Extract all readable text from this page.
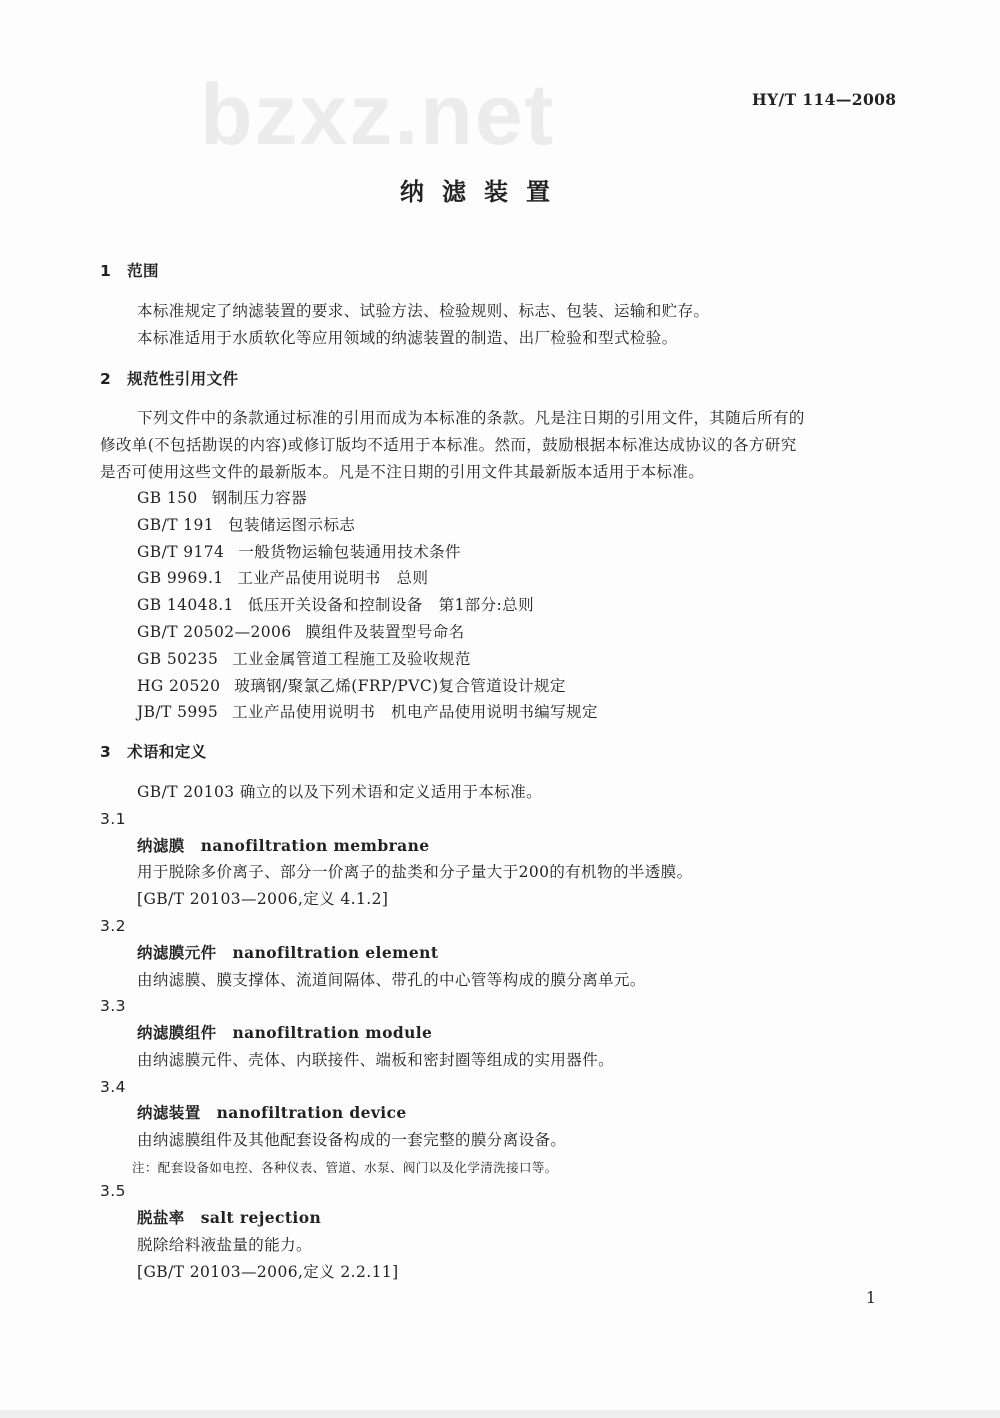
bzxz.net	HY/T 114—2008
纳滤装置
1　范围
本标准规定了纳滤装置的要求、试验方法、检验规则、标志、包装、运输和贮存。
本标准适用于水质软化等应用领域的纳滤装置的制造、出厂检验和型式检验。
2　规范性引用文件
下列文件中的条款通过标准的引用而成为本标准的条款。凡是注日期的引用文件，其随后所有的
修改单(不包括勘误的内容)或修订版均不适用于本标准。然而，鼓励根据本标准达成协议的各方研究
是否可使用这些文件的最新版本。凡是不注日期的引用文件其最新版本适用于本标准。
GB 150 钢制压力容器
GB/T 191 包装储运图示标志
GB/T 9174 一般货物运输包装通用技术条件
GB 9969.1 工业产品使用说明书　总则
GB 14048.1 低压开关设备和控制设备　第1部分:总则
GB/T 20502—2006 膜组件及装置型号命名
GB 50235 工业金属管道工程施工及验收规范
HG 20520 玻璃钢/聚氯乙烯(FRP/PVC)复合管道设计规定
JB/T 5995 工业产品使用说明书　机电产品使用说明书编写规定
3　术语和定义
GB/T 20103 确立的以及下列术语和定义适用于本标准。
3.1
纳滤膜 nanofiltration membrane
用于脱除多价离子、部分一价离子的盐类和分子量大于200的有机物的半透膜。
[GB/T 20103—2006,定义 4.1.2]
3.2
纳滤膜元件 nanofiltration element
由纳滤膜、膜支撑体、流道间隔体、带孔的中心管等构成的膜分离单元。
3.3
纳滤膜组件 nanofiltration module
由纳滤膜元件、壳体、内联接件、端板和密封圈等组成的实用器件。
3.4
纳滤装置 nanofiltration device
由纳滤膜组件及其他配套设备构成的一套完整的膜分离设备。
注：配套设备如电控、各种仪表、管道、水泵、阀门以及化学清洗接口等。
3.5
脱盐率 salt rejection
脱除给料液盐量的能力。
[GB/T 20103—2006,定义 2.2.11]
1
